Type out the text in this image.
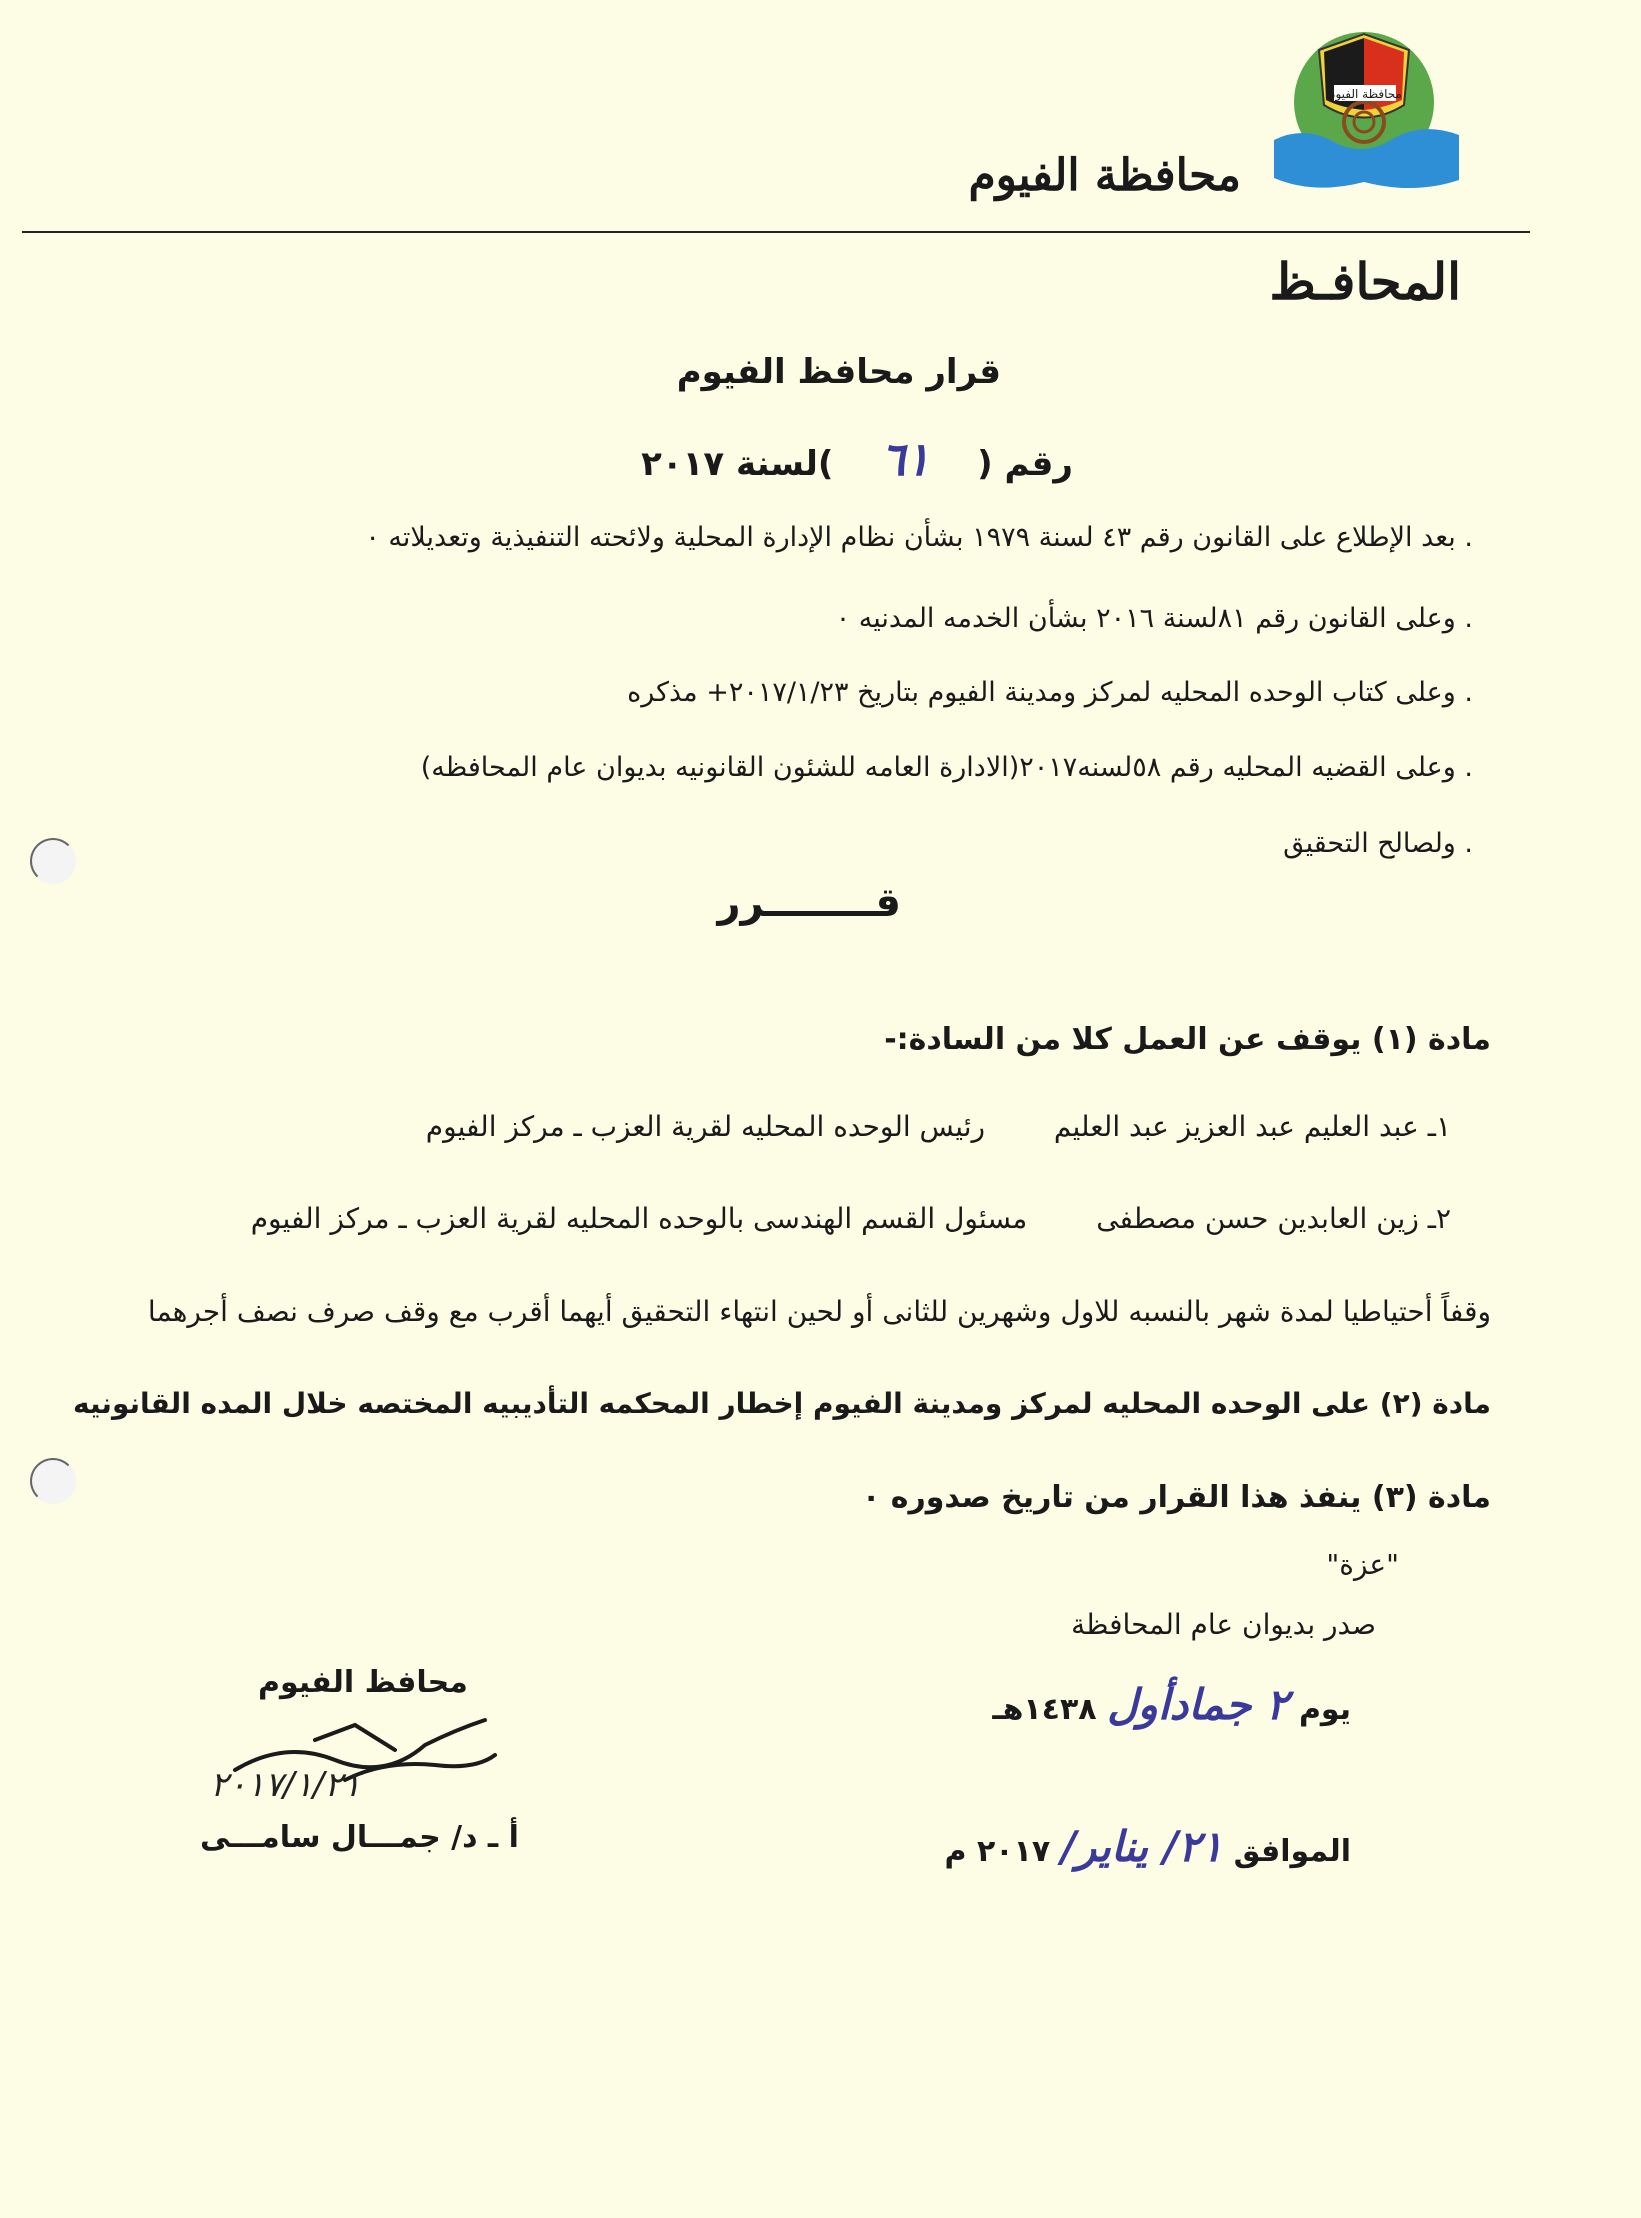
محافظة الفيوم
محافظة الفيوم
المحافـظ
قرار محافظ الفيوم
رقم ( ٦١ )لسنة ٢٠١٧
. بعد الإطلاع على القانون رقم ٤٣ لسنة ١٩٧٩ بشأن نظام الإدارة المحلية ولائحته التنفيذية وتعديلاته ٠
. وعلى القانون رقم ٨١لسنة ٢٠١٦ بشأن الخدمه المدنيه ٠
. وعلى كتاب الوحده المحليه لمركز ومدينة الفيوم بتاريخ ٢٠١٧/١/٢٣+ مذكره
. وعلى القضيه المحليه رقم ٥٨لسنه٢٠١٧(الادارة العامه للشئون القانونيه بديوان عام المحافظه)
. ولصالح التحقيق
قــــــــرر
مادة (١) يوقف عن العمل كلا من السادة:-
١ـ عبد العليم عبد العزيز عبد العليم رئيس الوحده المحليه لقرية العزب ـ مركز الفيوم
٢ـ زين العابدين حسن مصطفى مسئول القسم الهندسى بالوحده المحليه لقرية العزب ـ مركز الفيوم
وقفاً أحتياطيا لمدة شهر بالنسبه للاول وشهرين للثانى أو لحين انتهاء التحقيق أيهما أقرب مع وقف صرف نصف أجرهما
مادة (٢) على الوحده المحليه لمركز ومدينة الفيوم إخطار المحكمه التأديبيه المختصه خلال المده القانونيه
مادة (٣) ينفذ هذا القرار من تاريخ صدوره ٠
"عزة"
صدر بديوان عام المحافظة
يوم ٢ جمادأول ١٤٣٨هـ
الموافق ٢١/ يناير/ ٢٠١٧ م
محافظ الفيوم
٢٠١٧/١/٢١
أ ـ د/ جمـــال سامـــى
